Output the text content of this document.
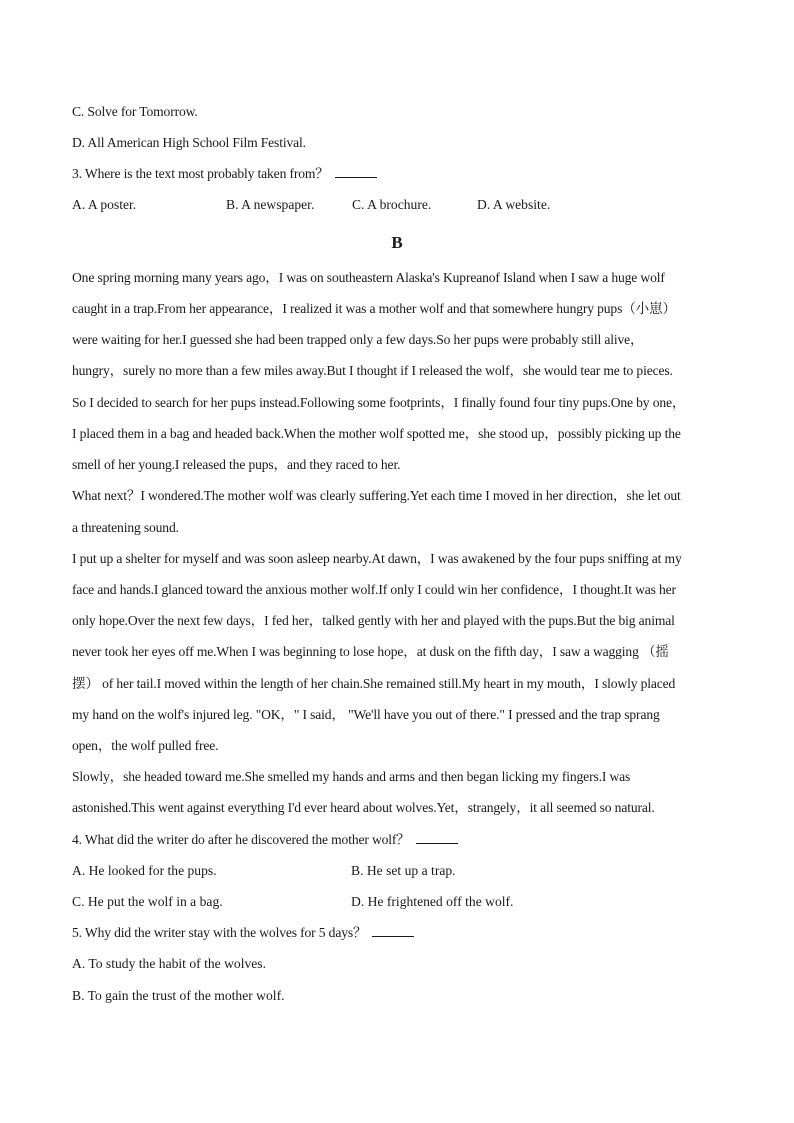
C. Solve for Tomorrow.
D. All American High School Film Festival.
3. Where is the text most probably taken from？
A. A poster.	B. A newspaper.	C. A brochure.	D. A website.
B
One spring morning many years ago，I was on southeastern Alaska's Kupreanof Island when I saw a huge wolf
caught in a trap.From her appearance，I realized it was a mother wolf and that somewhere hungry pups（小崽）
were waiting for her.I guessed she had been trapped only a few days.So her pups were probably still alive，
hungry，surely no more than a few miles away.But I thought if I released the wolf，she would tear me to pieces.
So I decided to search for her pups instead.Following some footprints，I finally found four tiny pups.One by one，
I placed them in a bag and headed back.When the mother wolf spotted me，she stood up，possibly picking up the
smell of her young.I released the pups，and they raced to her.
What next？I wondered.The mother wolf was clearly suffering.Yet each time I moved in her direction，she let out
a threatening sound.
I put up a shelter for myself and was soon asleep nearby.At dawn，I was awakened by the four pups sniffing at my
face and hands.I glanced toward the anxious mother wolf.If only I could win her confidence，I thought.It was her
only hope.Over the next few days，I fed her，talked gently with her and played with the pups.But the big animal
never took her eyes off me.When I was beginning to lose hope，at dusk on the fifth day，I saw a wagging （摇
摆） of her tail.I moved within the length of her chain.She remained still.My heart in my mouth，I slowly placed
my hand on the wolf's injured leg. "OK，" I said， "We'll have you out of there." I pressed and the trap sprang
open，the wolf pulled free.
Slowly，she headed toward me.She smelled my hands and arms and then began licking my fingers.I was
astonished.This went against everything I'd ever heard about wolves.Yet，strangely，it all seemed so natural.
4. What did the writer do after he discovered the mother wolf？
A. He looked for the pups.	B. He set up a trap.
C. He put the wolf in a bag.	D. He frightened off the wolf.
5. Why did the writer stay with the wolves for 5 days？
A. To study the habit of the wolves.
B. To gain the trust of the mother wolf.
